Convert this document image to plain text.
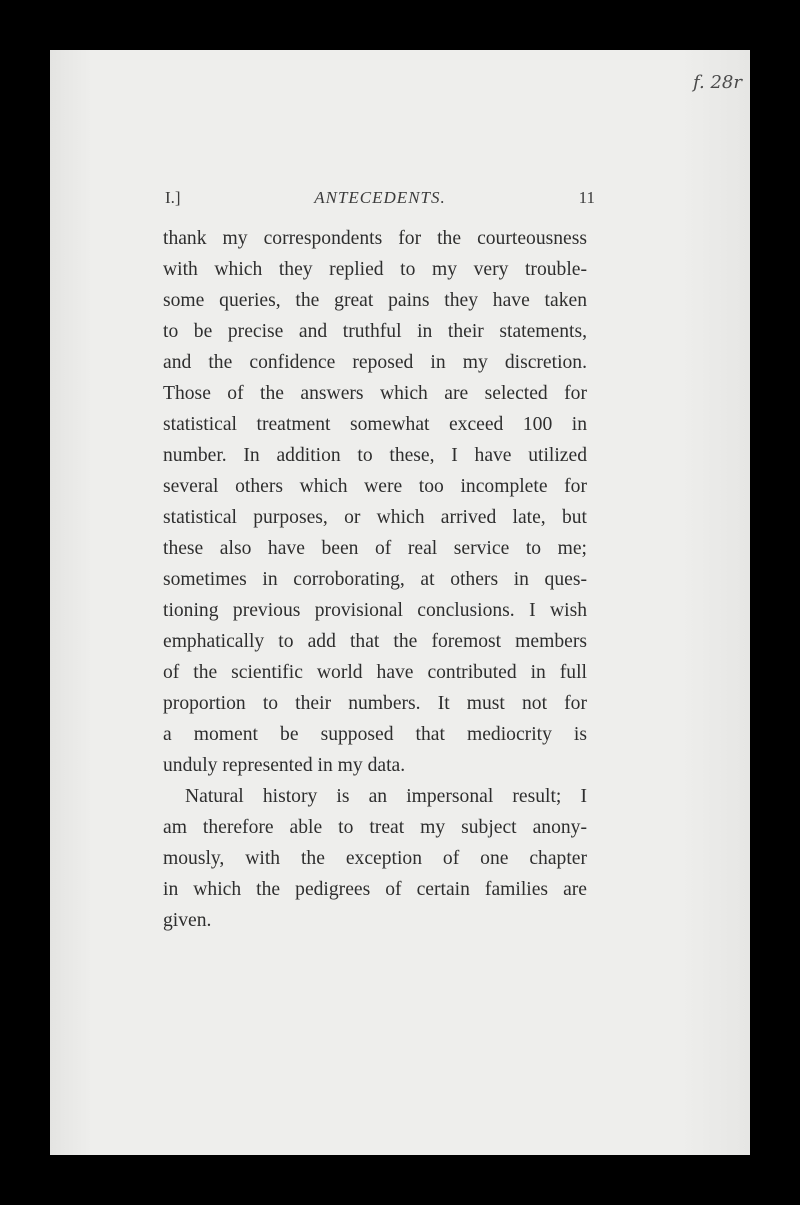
f. 28r
I.]	ANTECEDENTS.	11
thank my correspondents for the courteousness
with which they replied to my very trouble-
some queries, the great pains they have taken
to be precise and truthful in their statements,
and the confidence reposed in my discretion.
Those of the answers which are selected for
statistical treatment somewhat exceed 100 in
number. In addition to these, I have utilized
several others which were too incomplete for
statistical purposes, or which arrived late, but
these also have been of real service to me;
sometimes in corroborating, at others in ques-
tioning previous provisional conclusions. I wish
emphatically to add that the foremost members
of the scientific world have contributed in full
proportion to their numbers. It must not for
a moment be supposed that mediocrity is
unduly represented in my data.
Natural history is an impersonal result; I
am therefore able to treat my subject anony-
mously, with the exception of one chapter
in which the pedigrees of certain families are
given.
